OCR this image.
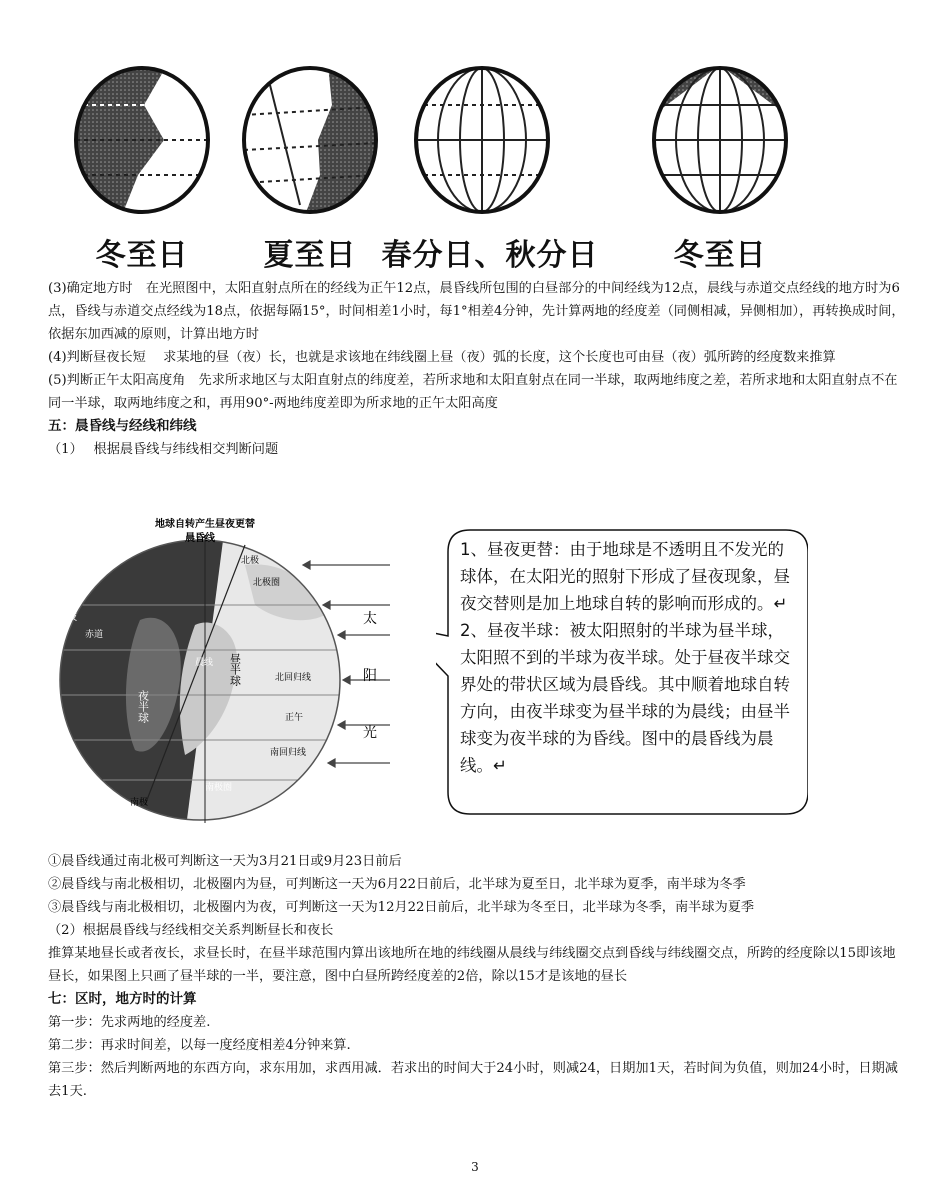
冬至日	夏至日 春分日、秋分日	冬至日

(3)确定地方时　在光照图中，太阳直射点所在的经线为正午12点，晨昏线所包围的白昼部分的中间经线为12点，晨线与赤道交点经线的地方时为6点，昏线与赤道交点经线为18点，依据每隔15°，时间相差1小时，每1°相差4分钟，先计算两地的经度差（同侧相减，异侧相加），再转换成时间，依据东加西减的原则，计算出地方时

(4)判断昼夜长短　 求某地的昼（夜）长，也就是求该地在纬线圈上昼（夜）弧的长度，这个长度也可由昼（夜）弧所跨的经度数来推算

(5)判断正午太阳高度角　先求所求地区与太阳直射点的纬度差，若所求地和太阳直射点在同一半球，取两地纬度之差，若所求地和太阳直射点不在同一半球，取两地纬度之和，再用90°-两地纬度差即为所求地的正午太阳高度

五：晨昏线与经线和纬线

（1）　 根据晨昏线与纬线相交判断问题

地球自转产生昼夜更替
晨昏线
北极
北极圈
子夜
赤道
晨线 昼半球
夜半球
北回归线
正午
南回归线
南极圈
南极
太
阳
光

1、昼夜更替：由于地球是不透明且不发光的球体，在太阳光的照射下形成了昼夜现象，昼夜交替则是加上地球自转的影响而形成的。↵

2、昼夜半球：被太阳照射的半球为昼半球，太阳照不到的半球为夜半球。处于昼夜半球交界处的带状区域为晨昏线。其中顺着地球自转方向，由夜半球变为昼半球的为晨线；由昼半球变为夜半球的为昏线。图中的晨昏线为晨线。↵

①晨昏线通过南北极可判断这一天为3月21日或9月23日前后

②晨昏线与南北极相切，北极圈内为昼，可判断这一天为6月22日前后，北半球为夏至日，北半球为夏季，南半球为冬季

③晨昏线与南北极相切，北极圈内为夜，可判断这一天为12月22日前后，北半球为冬至日，北半球为冬季，南半球为夏季

（2）根据晨昏线与经线相交关系判断昼长和夜长

推算某地昼长或者夜长，求昼长时，在昼半球范围内算出该地所在地的纬线圈从晨线与纬线圈交点到昏线与纬线圈交点，所跨的经度除以15即该地昼长，如果图上只画了昼半球的一半，要注意，图中白昼所跨经度差的2倍，除以15才是该地的昼长

七：区时，地方时的计算

第一步：先求两地的经度差.

第二步：再求时间差，以每一度经度相差4分钟来算.

第三步：然后判断两地的东西方向，求东用加，求西用减．若求出的时间大于24小时，则减24，日期加1天，若时间为负值，则加24小时，日期减去1天.

3
